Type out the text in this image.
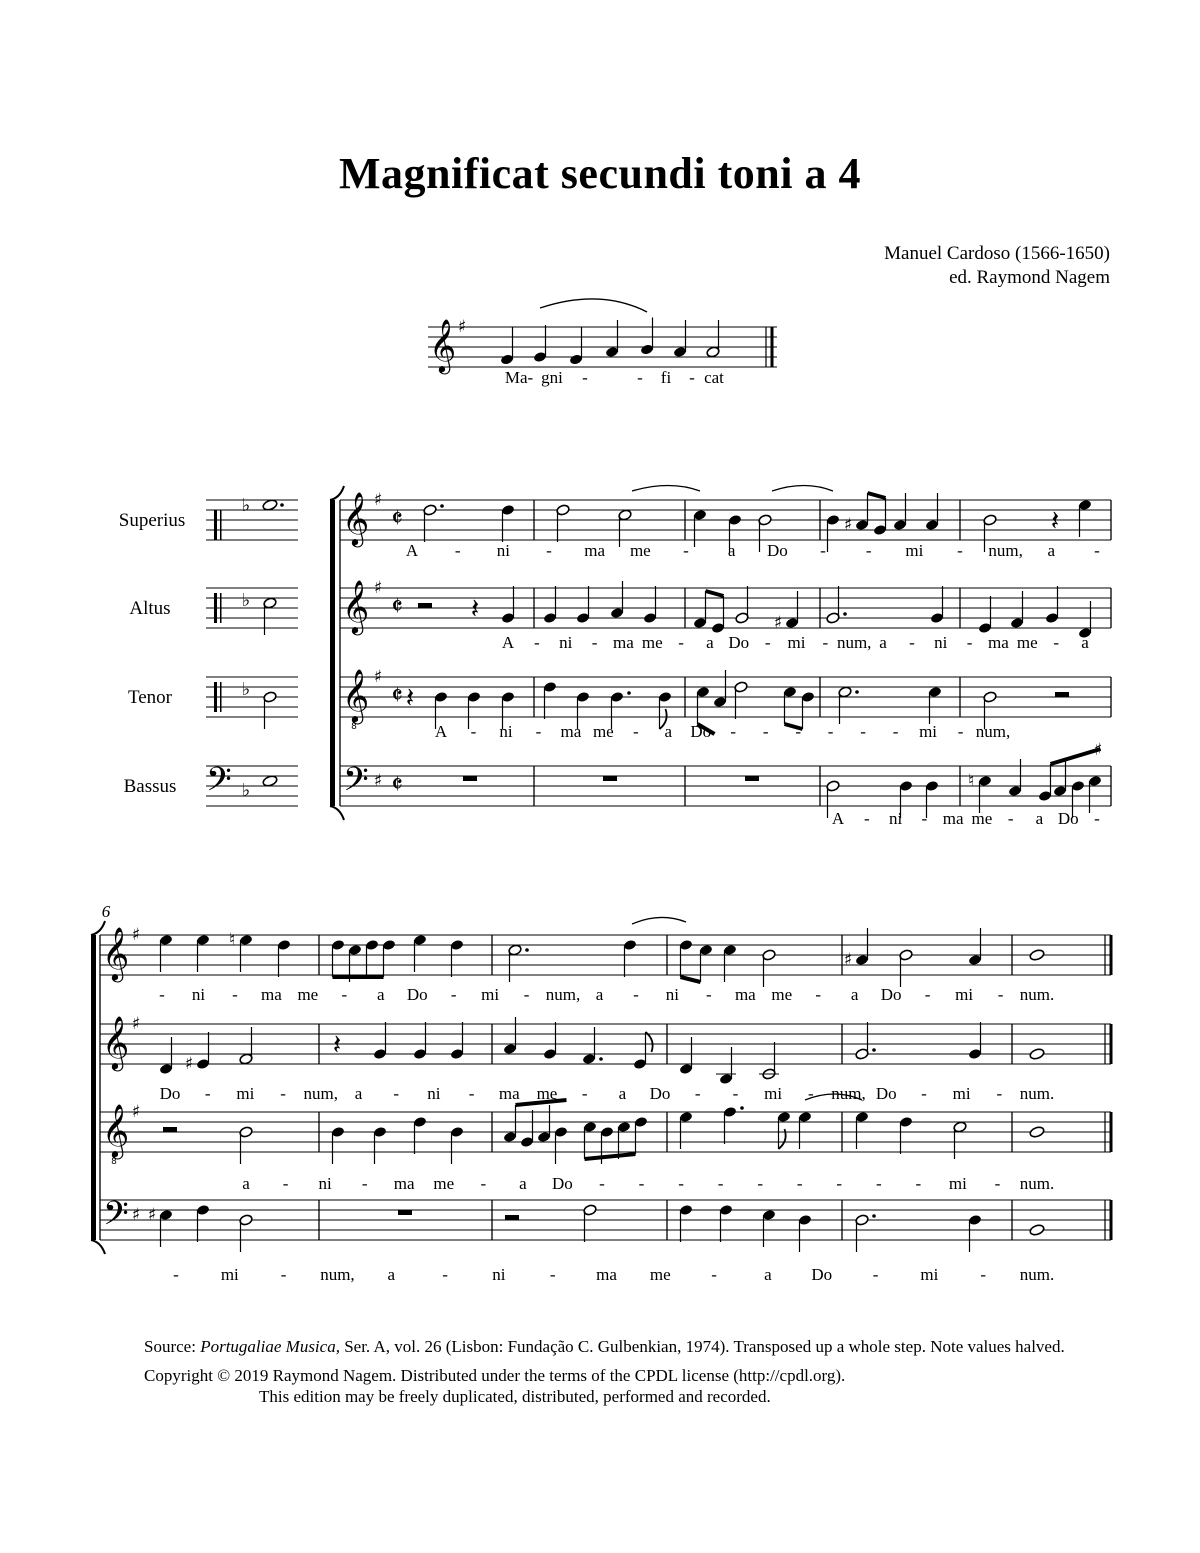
Magnificat secundi toni a 4
Manuel Cardoso (1566-1650)
ed. Raymond Nagem
𝄞 ♯
Ma- gni -	- fi - cat
Superius
♭
Altus	♭
Tenor	♭
Bassus 𝄢 ♭
𝄞 ♯
𝄵
𝄞 ♯
𝄵
𝄞
8
♯
𝄵
𝄢 ♯ 𝄵
♯	𝄽
𝄽	♯
𝄽
♮
♯
A - ni - ma me - a Do - - mi - num, a -
A - ni - ma me - a Do - mi - num, a - ni - ma me - a
A - ni - ma me - a Do - - - - - - mi - num,
A - ni - ma me - a Do -
6
𝄞 ♯
𝄞 ♯
𝄞
8
♯
𝄢 ♯
♮
♯
♯
𝄽
♯
- ni - ma me - a Do - mi - num, a - ni - ma me - a Do - mi - num.
Do - mi - num, a - ni - ma me - a Do - - mi - num, Do - mi - num.
a - ni - ma me - a Do - - - - - - - - - mi - num.
- mi - num, a	-	ni	- ma me -	a Do - mi - num.

Source: Portugaliae Musica, Ser. A, vol. 26 (Lisbon: Fundação C. Gulbenkian, 1974). Transposed up a whole step. Note values halved.

Copyright © 2019 Raymond Nagem. Distributed under the terms of the CPDL license (http://cpdl.org).

This edition may be freely duplicated, distributed, performed and recorded.
